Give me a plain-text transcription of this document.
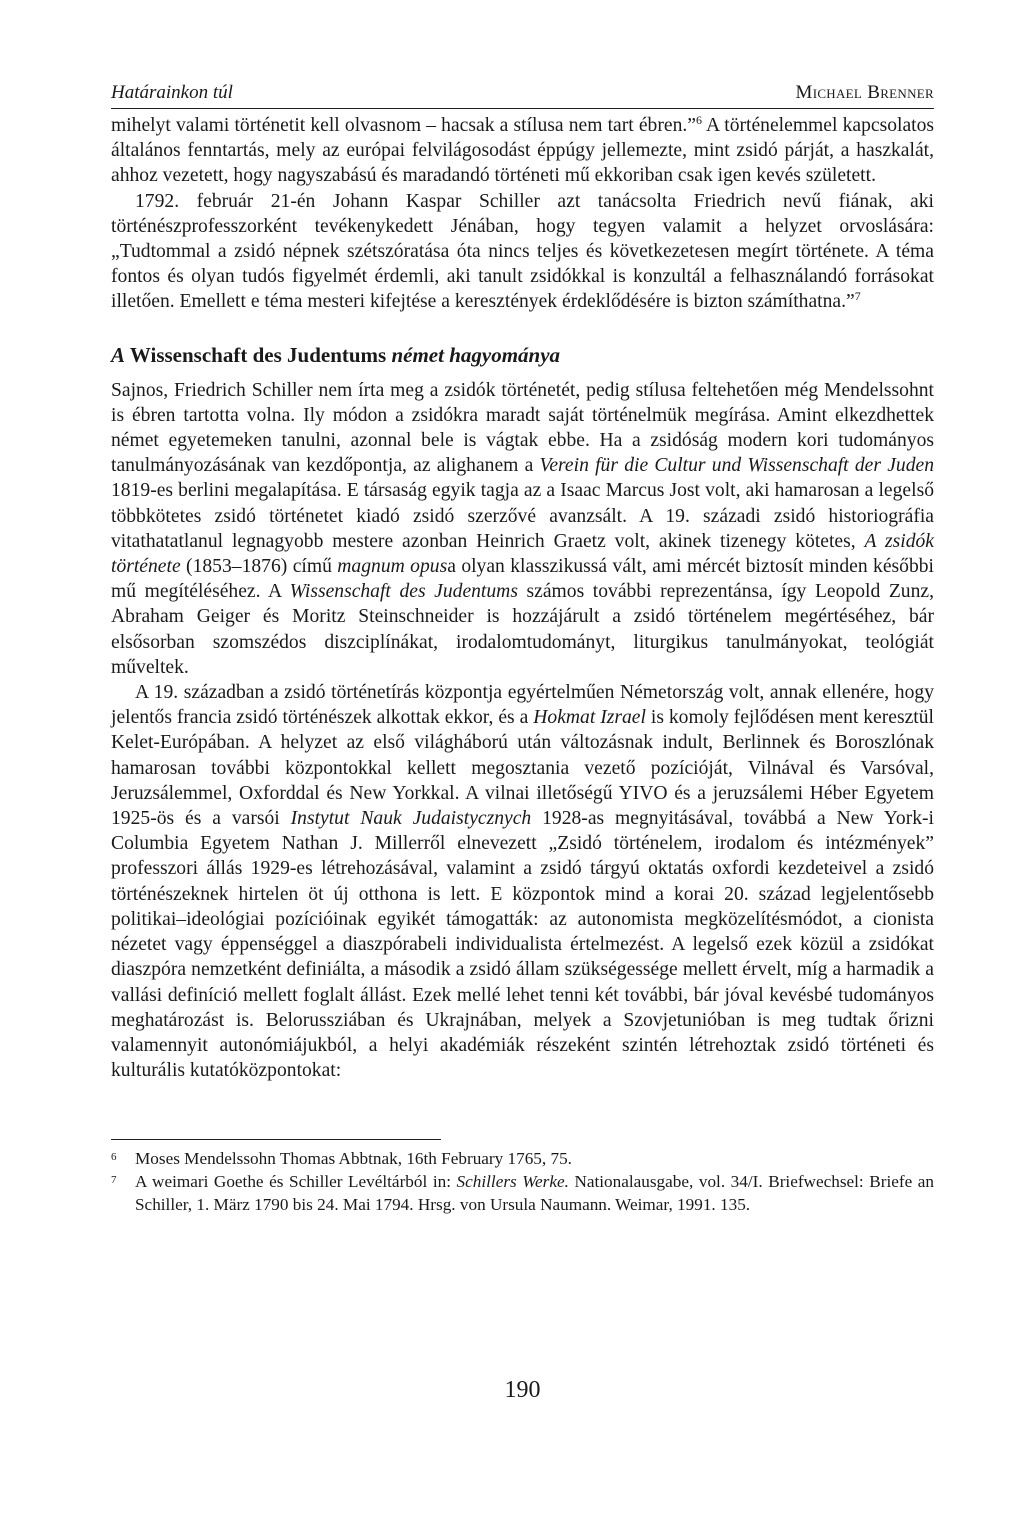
Határainkon túl	Michael Brenner

mihelyt valami történetit kell olvasnom – hacsak a stílusa nem tart ébren.”$^6$ A történelemmel kapcsolatos általános fenntartás, mely az európai felvilágosodást éppúgy jellemezte, mint zsidó párját, a haszkalát, ahhoz vezetett, hogy nagyszabású és maradandó történeti mű ekkoriban csak igen kevés született.

1792. február 21-én Johann Kaspar Schiller azt tanácsolta Friedrich nevű fiának, aki történészprofesszorként tevékenykedett Jénában, hogy tegyen valamit a helyzet orvoslására: „Tudtommal a zsidó népnek szétszóratása óta nincs teljes és következetesen megírt története. A téma fontos és olyan tudós figyelmét érdemli, aki tanult zsidókkal is konzultál a felhasználandó forrásokat illetően. Emellett e téma mesteri kifejtése a keresztények érdeklődésére is bizton számíthatna.”$^7$

A Wissenschaft des Judentums német hagyománya

Sajnos, Friedrich Schiller nem írta meg a zsidók történetét, pedig stílusa feltehetően még Mendelssohnt is ébren tartotta volna. Ily módon a zsidókra maradt saját történelmük megírása. Amint elkezdhettek német egyetemeken tanulni, azonnal bele is vágtak ebbe. Ha a zsidóság modern kori tudományos tanulmányozásának van kezdőpontja, az alighanem a Verein für die Cultur und Wissenschaft der Juden 1819-es berlini megalapítása. E társaság egyik tagja az a Isaac Marcus Jost volt, aki hamarosan a legelső többkötetes zsidó történetet kiadó zsidó szerzővé avanzsált. A 19. századi zsidó historiográfia vitathatatlanul legnagyobb mestere azonban Heinrich Graetz volt, akinek tizenegy kötetes, A zsidók története (1853–1876) című magnum opusa olyan klasszikussá vált, ami mércét biztosít minden későbbi mű megítéléséhez. A Wissenschaft des Judentums számos további reprezentánsa, így Leopold Zunz, Abraham Geiger és Moritz Steinschneider is hozzájárult a zsidó történelem megértéséhez, bár elsősorban szomszédos diszciplínákat, irodalomtudományt, liturgikus tanulmányokat, teológiát műveltek.

A 19. században a zsidó történetírás központja egyértelműen Németország volt, annak ellenére, hogy jelentős francia zsidó történészek alkottak ekkor, és a Hokmat Izrael is komoly fejlődésen ment keresztül Kelet-Európában. A helyzet az első világháború után változásnak indult, Berlinnek és Boroszlónak hamarosan további központokkal kellett megosztania vezető pozícióját, Vilnával és Varsóval, Jeruzsálemmel, Oxforddal és New Yorkkal. A vilnai illetőségű YIVO és a jeruzsálemi Héber Egyetem 1925-ös és a varsói Instytut Nauk Judaistycznych 1928-as megnyitásával, továbbá a New York-i Columbia Egyetem Nathan J. Millerről elnevezett „Zsidó történelem, irodalom és intézmények” professzori állás 1929-es létrehozásával, valamint a zsidó tárgyú oktatás oxfordi kezdeteivel a zsidó történészeknek hirtelen öt új otthona is lett. E központok mind a korai 20. század legjelentősebb politikai–ideológiai pozícióinak egyikét támogatták: az autonomista megközelítésmódot, a cionista nézetet vagy éppenséggel a diaszpórabeli individualista értelmezést. A legelső ezek közül a zsidókat diaszpóra nemzetként definiálta, a második a zsidó állam szükségessége mellett érvelt, míg a harmadik a vallási definíció mellett foglalt állást. Ezek mellé lehet tenni két további, bár jóval kevésbé tudományos meghatározást is. Belorussziában és Ukrajnában, melyek a Szovjetunióban is meg tudtak őrizni valamennyit autonómiájukból, a helyi akadémiák részeként szintén létrehoztak zsidó történeti és kulturális kutatóközpontokat:

6	Moses Mendelssohn Thomas Abbtnak, 16th February 1765, 75.
7	A weimari Goethe és Schiller Levéltárból in: Schillers Werke. Nationalausgabe, vol. 34/I. Briefwechsel: Briefe an Schiller, 1. März 1790 bis 24. Mai 1794. Hrsg. von Ursula Naumann. Weimar, 1991. 135.
190
